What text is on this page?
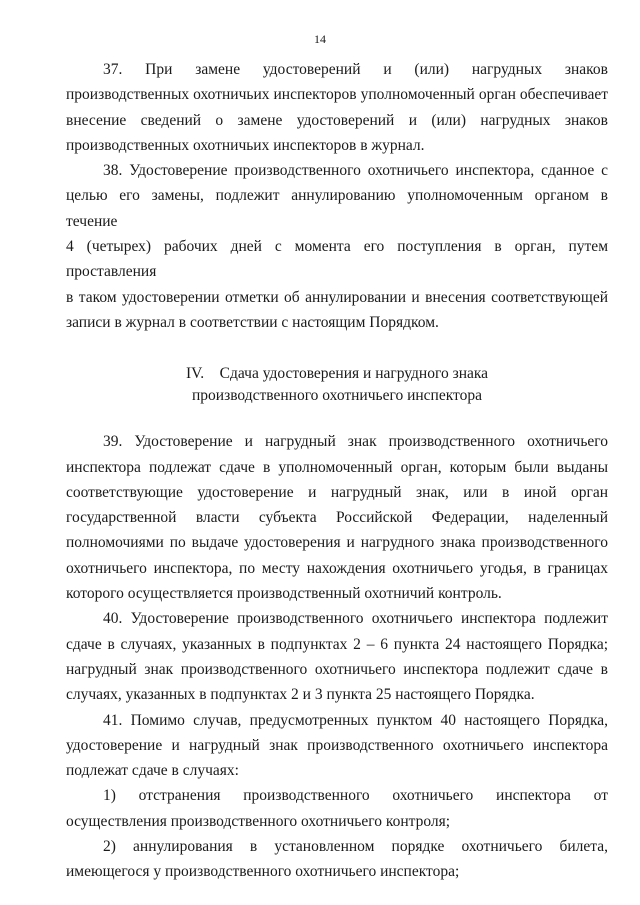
14
37. При замене удостоверений и (или) нагрудных знаков
производственных охотничьих инспекторов уполномоченный орган обеспечивает
внесение сведений о замене удостоверений и (или) нагрудных знаков
производственных охотничьих инспекторов в журнал.
38. Удостоверение производственного охотничьего инспектора, сданное с
целью его замены, подлежит аннулированию уполномоченным органом в течение
4 (четырех) рабочих дней с момента его поступления в орган, путем проставления
в таком удостоверении отметки об аннулировании и внесения соответствующей
записи в журнал в соответствии с настоящим Порядком.
IV.    Сдача удостоверения и нагрудного знака
производственного охотничьего инспектора
39. Удостоверение и нагрудный знак производственного охотничьего
инспектора подлежат сдаче в уполномоченный орган, которым были выданы
соответствующие удостоверение и нагрудный знак, или в иной орган
государственной власти субъекта Российской Федерации, наделенный
полномочиями по выдаче удостоверения и нагрудного знака производственного
охотничьего инспектора, по месту нахождения охотничьего угодья, в границах
которого осуществляется производственный охотничий контроль.
40. Удостоверение производственного охотничьего инспектора подлежит
сдаче в случаях, указанных в подпунктах 2 – 6 пункта 24 настоящего Порядка;
нагрудный знак производственного охотничьего инспектора подлежит сдаче в
случаях, указанных в подпунктах 2 и 3 пункта 25 настоящего Порядка.
41. Помимо случав, предусмотренных пунктом 40 настоящего Порядка,
удостоверение и нагрудный знак производственного охотничьего инспектора
подлежат сдаче в случаях:
1) отстранения производственного охотничьего инспектора от
осуществления производственного охотничьего контроля;
2) аннулирования в установленном порядке охотничьего билета,
имеющегося у производственного охотничьего инспектора;
